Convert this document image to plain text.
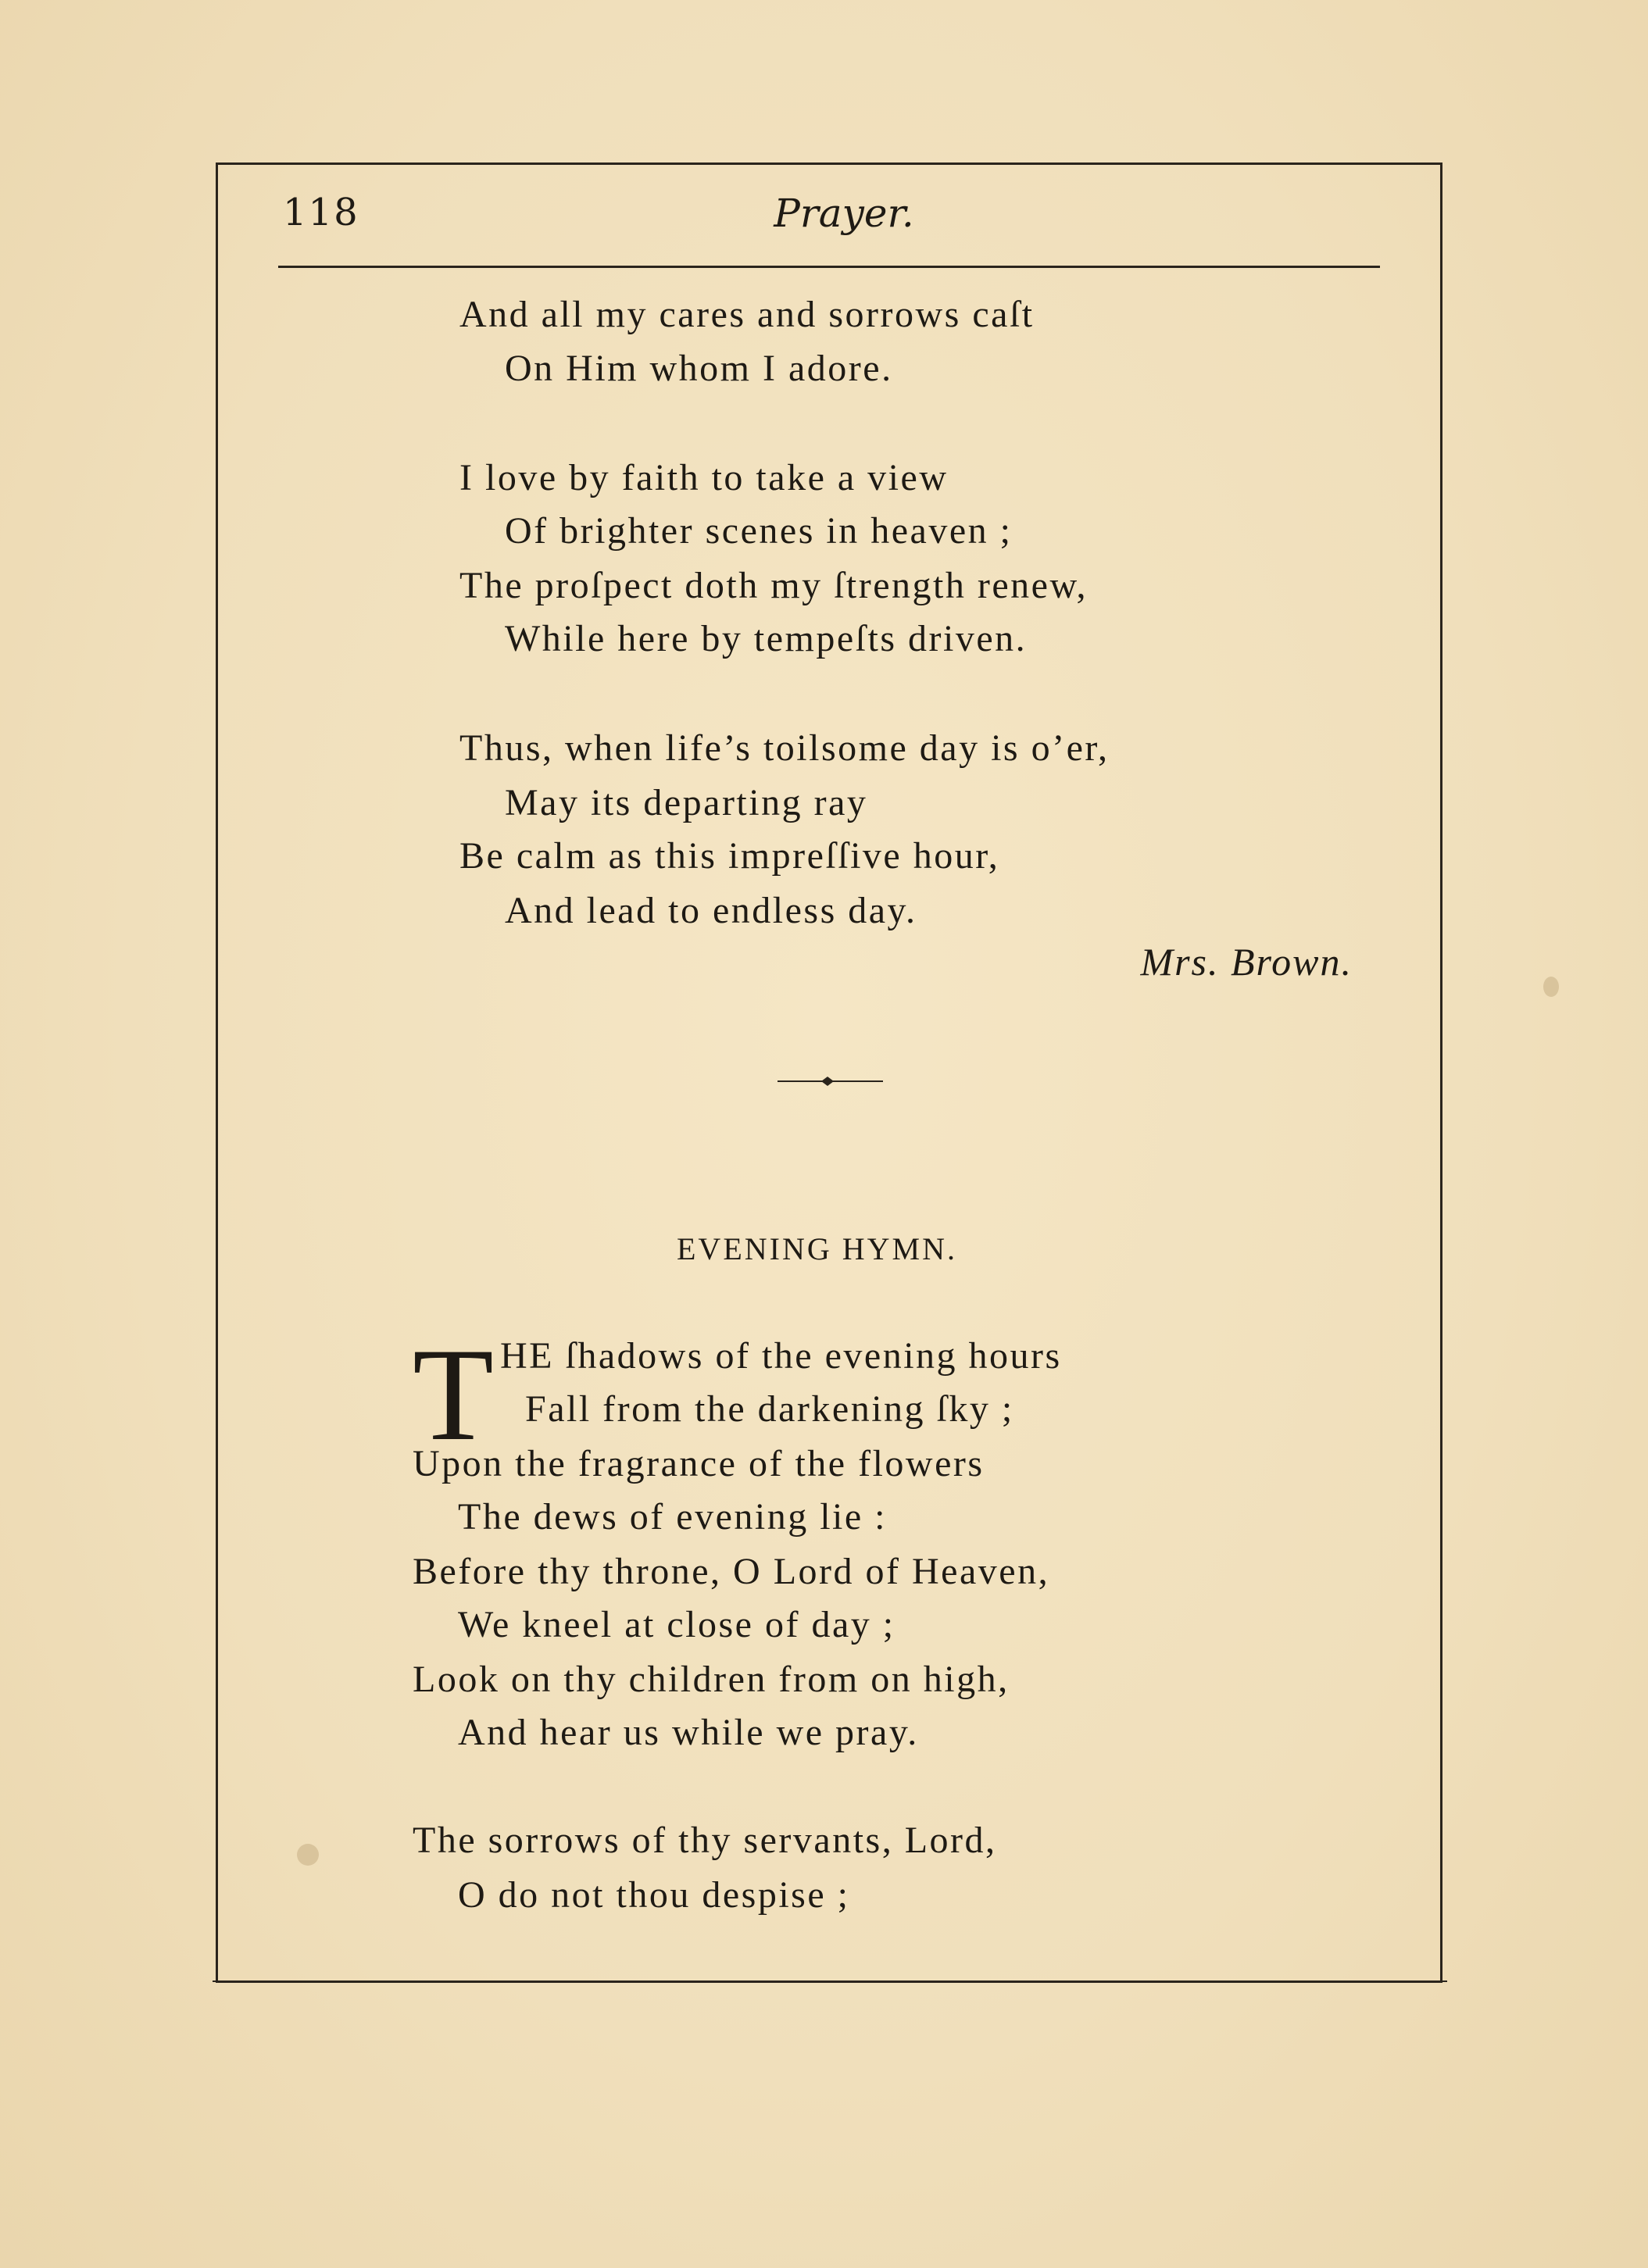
118	Prayer.
And all my cares and sorrows caſt
On Him whom I adore.
I love by faith to take a view
Of brighter scenes in heaven ;
The proſpect doth my ſtrength renew,
While here by tempeſts driven.
Thus, when life’s toilsome day is o’er,
May its departing ray
Be calm as this impreſſive hour,
And lead to endless day.
Mrs. Brown.
EVENING HYMN.
T HE ſhadows of the evening hours
Fall from the darkening ſky ;
Upon the fragrance of the flowers
The dews of evening lie :
Before thy throne, O Lord of Heaven,
We kneel at close of day ;
Look on thy children from on high,
And hear us while we pray.
The sorrows of thy servants, Lord,
O do not thou despise ;
